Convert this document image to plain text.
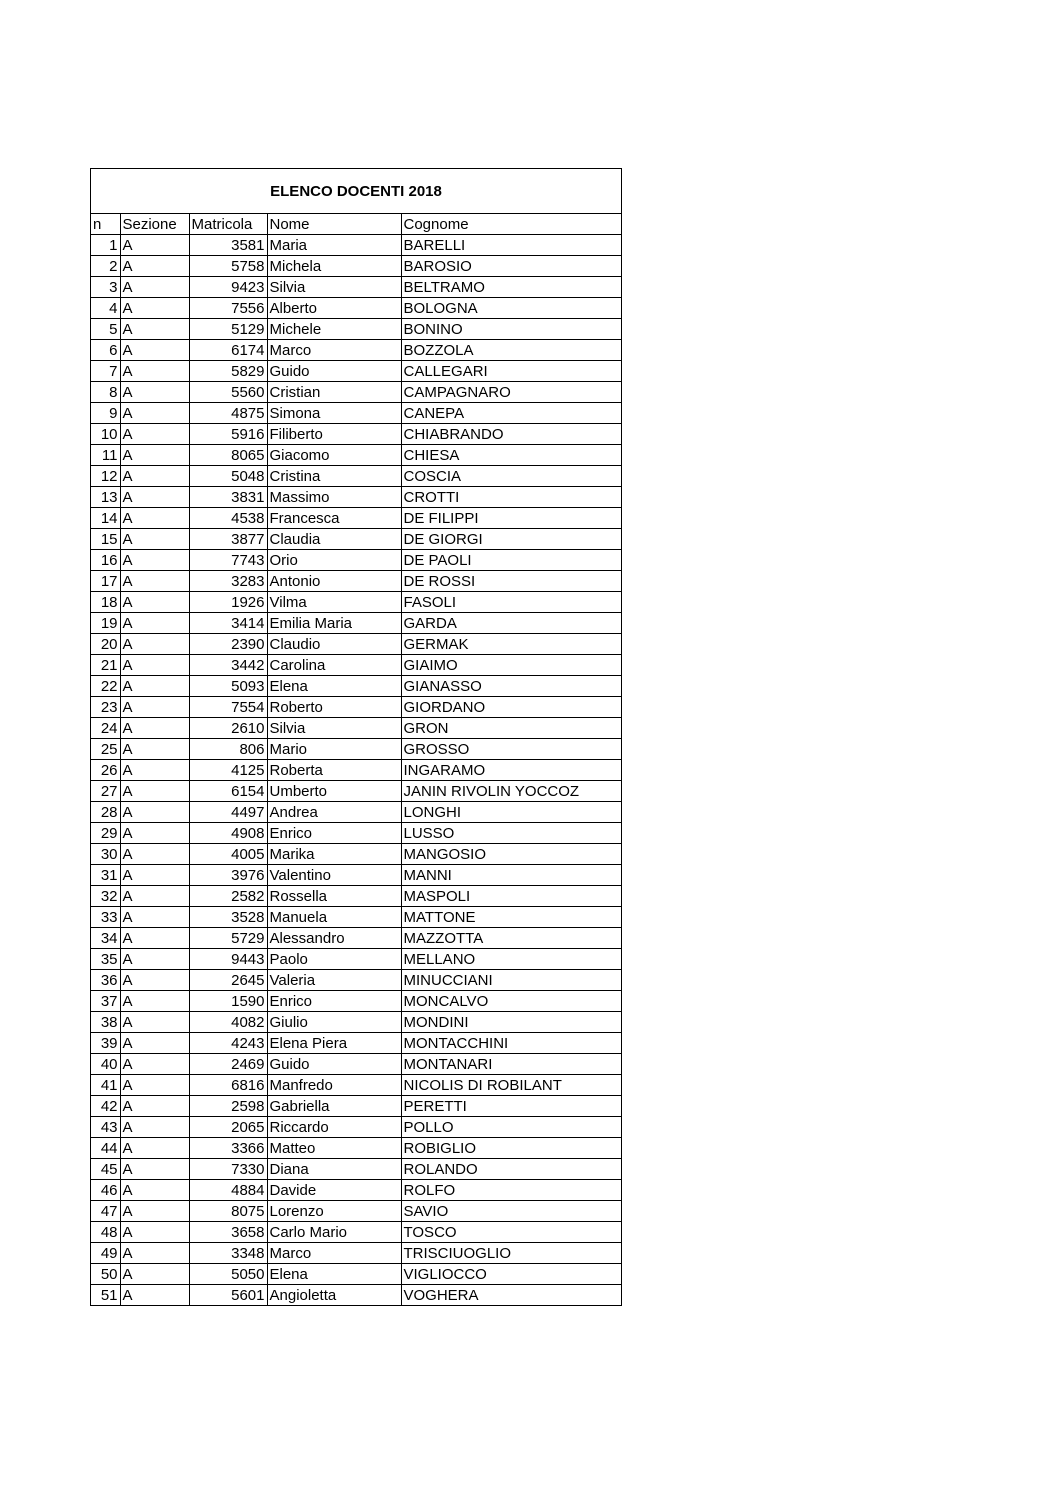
ELENCO DOCENTI 2018
n	Sezione	Matricola	Nome	Cognome
1	A	3581	Maria	BARELLI
2	A	5758	Michela	BAROSIO
3	A	9423	Silvia	BELTRAMO
4	A	7556	Alberto	BOLOGNA
5	A	5129	Michele	BONINO
6	A	6174	Marco	BOZZOLA
7	A	5829	Guido	CALLEGARI
8	A	5560	Cristian	CAMPAGNARO
9	A	4875	Simona	CANEPA
10	A	5916	Filiberto	CHIABRANDO
11	A	8065	Giacomo	CHIESA
12	A	5048	Cristina	COSCIA
13	A	3831	Massimo	CROTTI
14	A	4538	Francesca	DE FILIPPI
15	A	3877	Claudia	DE GIORGI
16	A	7743	Orio	DE PAOLI
17	A	3283	Antonio	DE ROSSI
18	A	1926	Vilma	FASOLI
19	A	3414	Emilia Maria	GARDA
20	A	2390	Claudio	GERMAK
21	A	3442	Carolina	GIAIMO
22	A	5093	Elena	GIANASSO
23	A	7554	Roberto	GIORDANO
24	A	2610	Silvia	GRON
25	A	806	Mario	GROSSO
26	A	4125	Roberta	INGARAMO
27	A	6154	Umberto	JANIN RIVOLIN YOCCOZ
28	A	4497	Andrea	LONGHI
29	A	4908	Enrico	LUSSO
30	A	4005	Marika	MANGOSIO
31	A	3976	Valentino	MANNI
32	A	2582	Rossella	MASPOLI
33	A	3528	Manuela	MATTONE
34	A	5729	Alessandro	MAZZOTTA
35	A	9443	Paolo	MELLANO
36	A	2645	Valeria	MINUCCIANI
37	A	1590	Enrico	MONCALVO
38	A	4082	Giulio	MONDINI
39	A	4243	Elena Piera	MONTACCHINI
40	A	2469	Guido	MONTANARI
41	A	6816	Manfredo	NICOLIS DI ROBILANT
42	A	2598	Gabriella	PERETTI
43	A	2065	Riccardo	POLLO
44	A	3366	Matteo	ROBIGLIO
45	A	7330	Diana	ROLANDO
46	A	4884	Davide	ROLFO
47	A	8075	Lorenzo	SAVIO
48	A	3658	Carlo Mario	TOSCO
49	A	3348	Marco	TRISCIUOGLIO
50	A	5050	Elena	VIGLIOCCO
51	A	5601	Angioletta	VOGHERA
